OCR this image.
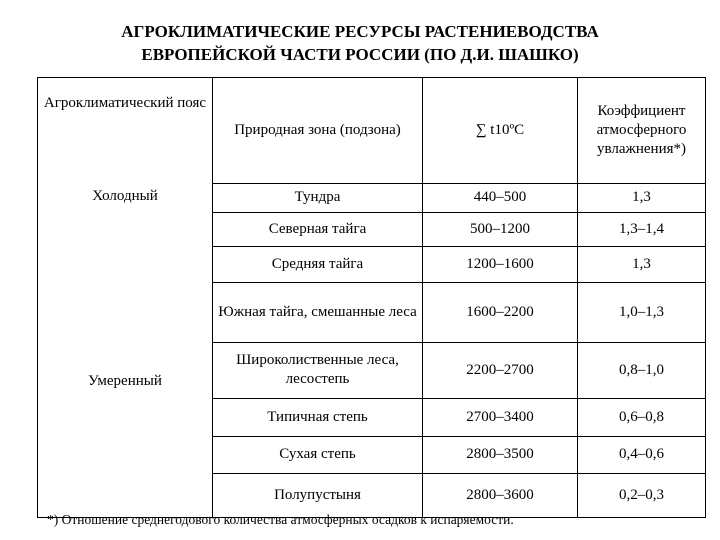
АГРОКЛИМАТИЧЕСКИЕ РЕСУРСЫ РАСТЕНИЕВОДСТВА
ЕВРОПЕЙСКОЙ ЧАСТИ РОССИИ (ПО Д.И. ШАШКО)
Агроклиматический пояс	Природная зона (подзона)	∑ t10ºC	Коэффициент атмосферного увлажнения*)

Холодный	Тундра	440–500	1,3
	Северная тайга	500–1200	1,3–1,4
Умеренный	Средняя тайга	1200–1600	1,3
	Южная тайга, смешанные леса	1600–2200	1,0–1,3
	Широколиственные леса, лесостепь	2200–2700	0,8–1,0
	Типичная степь	2700–3400	0,6–0,8
	Сухая степь	2800–3500	0,4–0,6
	Полупустыня	2800–3600	0,2–0,3
*) Отношение среднегодового количества атмосферных осадков к испаряемости.
